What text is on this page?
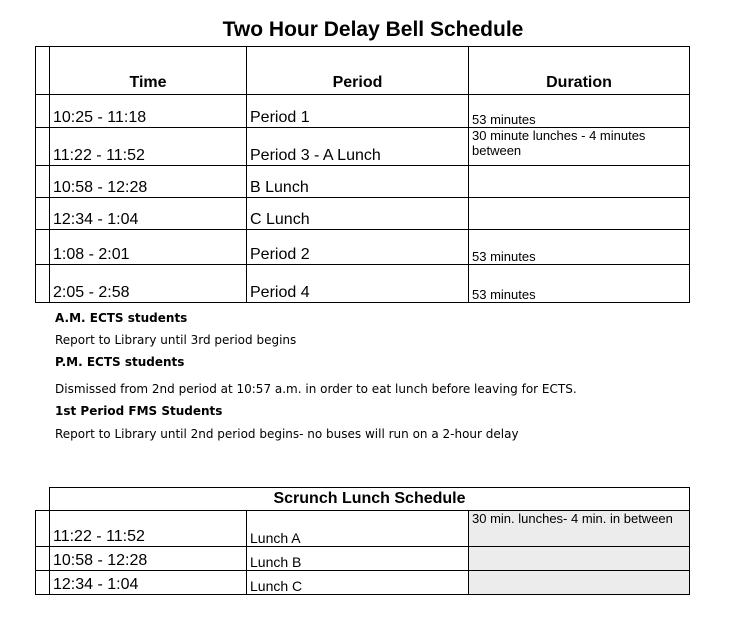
Two Hour Delay Bell Schedule
	Time	Period	Duration
	10:25 - 11:18	Period 1	53 minutes
	11:22 - 11:52	Period 3 - A Lunch	30 minute lunches - 4 minutes between
	10:58 - 12:28	B Lunch	
	12:34 - 1:04	C Lunch	
	1:08 - 2:01	Period 2	53 minutes
	2:05 - 2:58	Period 4	53 minutes
A.M. ECTS students
Report to Library until 3rd period begins
P.M. ECTS students
Dismissed from 2nd period at 10:57 a.m. in order to eat lunch before leaving for ECTS.
1st Period FMS Students
Report to Library until 2nd period begins- no buses will run on a 2-hour delay
	Scrunch Lunch Schedule		
	11:22 - 11:52	Lunch A	30 min. lunches- 4 min. in between
	10:58 - 12:28	Lunch B	
	12:34 - 1:04	Lunch C	
